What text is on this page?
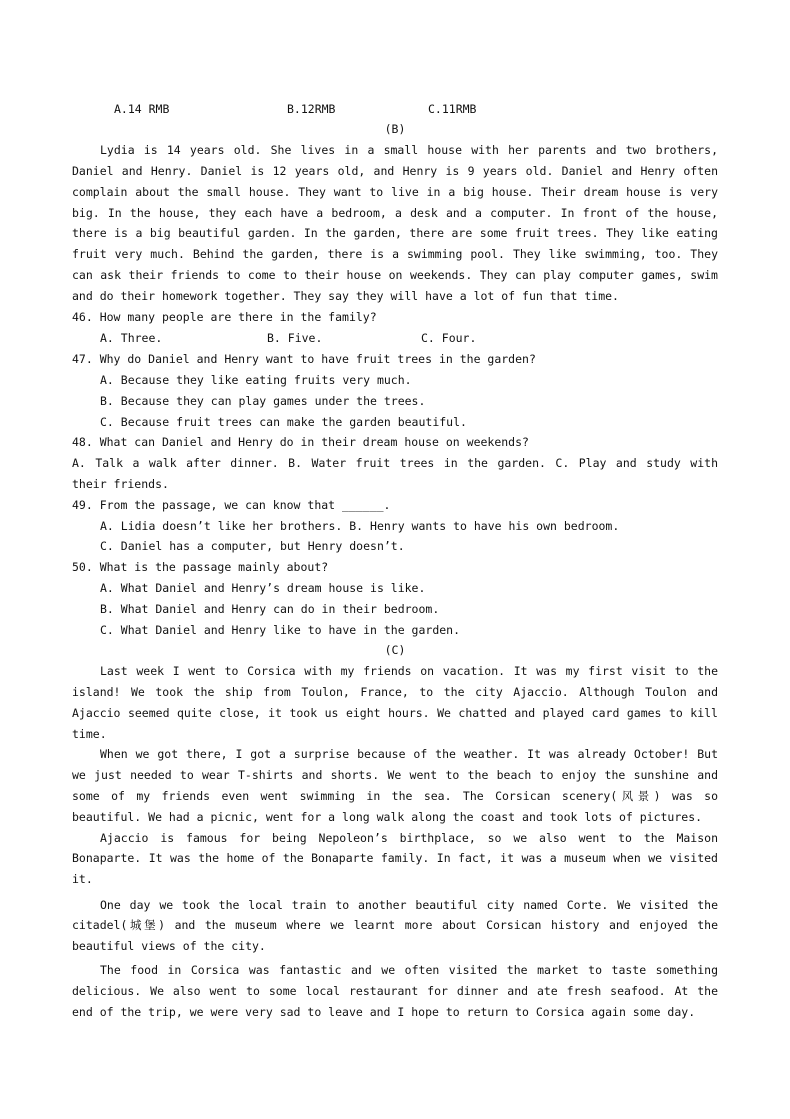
A.14 RMB	B.12RMB	C.11RMB
(B)
Lydia is 14 years old. She lives in a small house with her parents and two brothers,
Daniel and Henry. Daniel is 12 years old, and Henry is 9 years old. Daniel and Henry often
complain about the small house. They want to live in a big house. Their dream house is very
big. In the house, they each have a bedroom, a desk and a computer. In front of the house,
there is a big beautiful garden. In the garden, there are some fruit trees. They like eating
fruit very much. Behind the garden, there is a swimming pool. They like swimming, too. They
can ask their friends to come to their house on weekends. They can play computer games, swim
and do their homework together. They say they will have a lot of fun that time.
46. How many people are there in the family?
A. Three.	B. Five.	C. Four.
47. Why do Daniel and Henry want to have fruit trees in the garden?
A. Because they like eating fruits very much.
B. Because they can play games under the trees.
C. Because fruit trees can make the garden beautiful.
48. What can Daniel and Henry do in their dream house on weekends?
A. Talk a walk after dinner. B. Water fruit trees in the garden. C. Play and study with
their friends.
49. From the passage, we can know that ______.
A. Lidia doesn’t like her brothers. B. Henry wants to have his own bedroom.
C. Daniel has a computer, but Henry doesn’t.
50. What is the passage mainly about?
A. What Daniel and Henry’s dream house is like.
B. What Daniel and Henry can do in their bedroom.
C. What Daniel and Henry like to have in the garden.
(C)
Last week I went to Corsica with my friends on vacation. It was my first visit to the
island! We took the ship from Toulon, France, to the city Ajaccio. Although Toulon and
Ajaccio seemed quite close, it took us eight hours. We chatted and played card games to kill
time.
When we got there, I got a surprise because of the weather. It was already October! But
we just needed to wear T-shirts and shorts. We went to the beach to enjoy the sunshine and
some of my friends even went swimming in the sea. The Corsican scenery(风景) was so
beautiful. We had a picnic, went for a long walk along the coast and took lots of pictures.
Ajaccio is famous for being Nepoleon’s birthplace, so we also went to the Maison
Bonaparte. It was the home of the Bonaparte family. In fact, it was a museum when we visited
it.
One day we took the local train to another beautiful city named Corte. We visited the
citadel(城堡) and the museum where we learnt more about Corsican history and enjoyed the
beautiful views of the city.
The food in Corsica was fantastic and we often visited the market to taste something
delicious. We also went to some local restaurant for dinner and ate fresh seafood. At the
end of the trip, we were very sad to leave and I hope to return to Corsica again some day.
